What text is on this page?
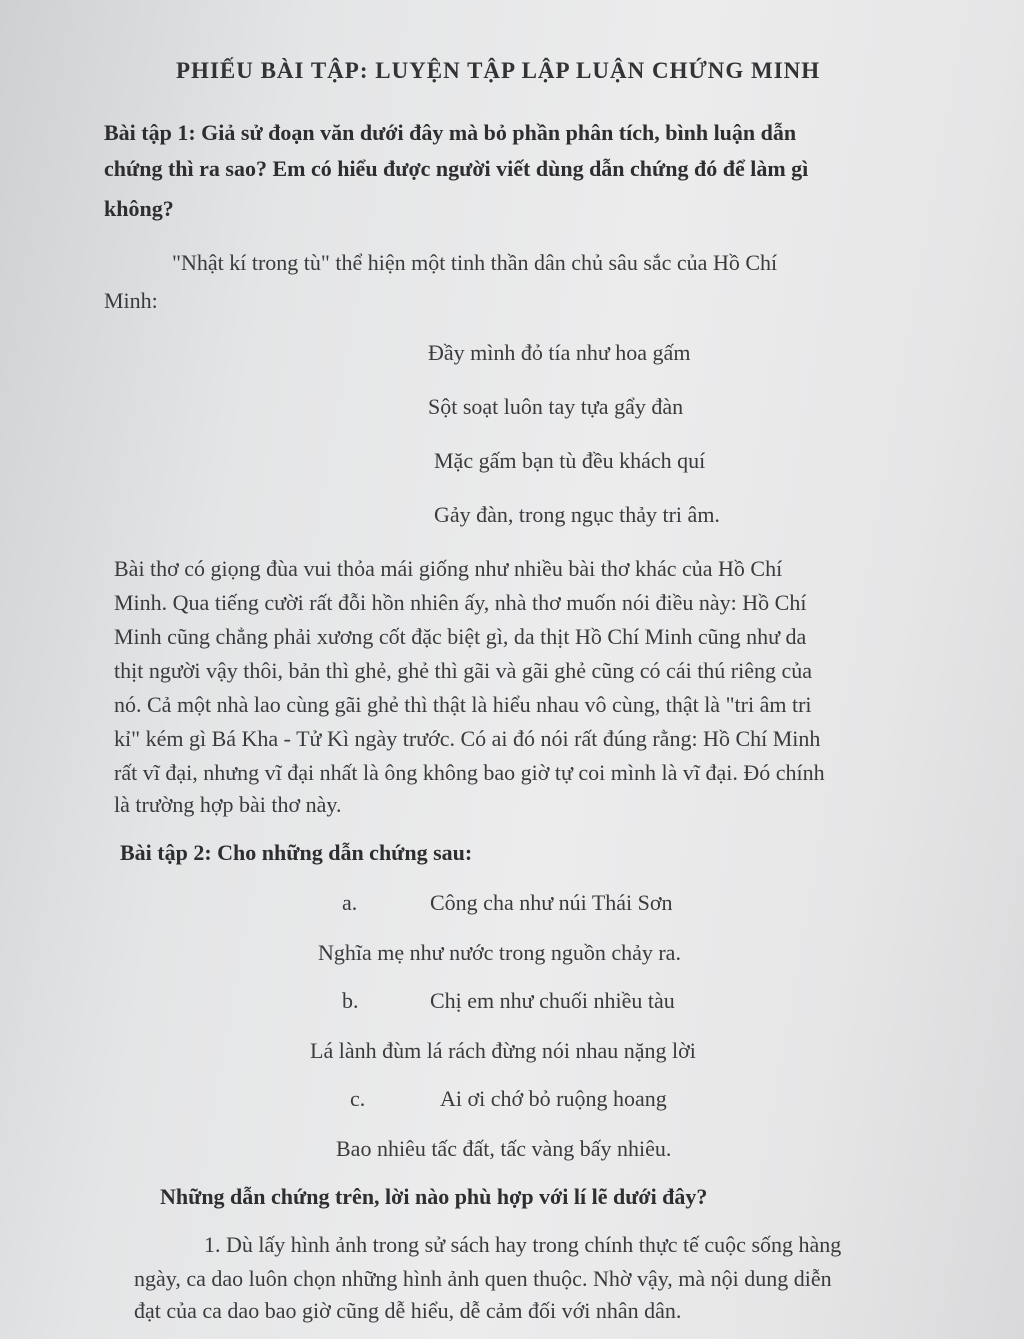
PHIẾU BÀI TẬP: LUYỆN TẬP LẬP LUẬN CHỨNG MINH
Bài tập 1: Giả sử đoạn văn dưới đây mà bỏ phần phân tích, bình luận dẫn
chứng thì ra sao? Em có hiểu được người viết dùng dẫn chứng đó để làm gì
không?
"Nhật kí trong tù" thể hiện một tinh thần dân chủ sâu sắc của Hồ Chí
Minh:
Đầy mình đỏ tía như hoa gấm
Sột soạt luôn tay tựa gẩy đàn
Mặc gấm bạn tù đều khách quí
Gảy đàn, trong ngục thảy tri âm.
Bài thơ có giọng đùa vui thỏa mái giống như nhiều bài thơ khác của Hồ Chí
Minh. Qua tiếng cười rất đỗi hồn nhiên ấy, nhà thơ muốn nói điều này: Hồ Chí
Minh cũng chẳng phải xương cốt đặc biệt gì, da thịt Hồ Chí Minh cũng như da
thịt người vậy thôi, bản thì ghẻ, ghẻ thì gãi và gãi ghẻ cũng có cái thú riêng của
nó. Cả một nhà lao cùng gãi ghẻ thì thật là hiểu nhau vô cùng, thật là "tri âm tri
kỉ" kém gì Bá Kha - Tử Kì ngày trước. Có ai đó nói rất đúng rằng: Hồ Chí Minh
rất vĩ đại, nhưng vĩ đại nhất là ông không bao giờ tự coi mình là vĩ đại. Đó chính
là trường hợp bài thơ này.
Bài tập 2: Cho những dẫn chứng sau:
a.	Công cha như núi Thái Sơn
Nghĩa mẹ như nước trong nguồn chảy ra.
b.	Chị em như chuối nhiều tàu
Lá lành đùm lá rách đừng nói nhau nặng lời
c.	Ai ơi chớ bỏ ruộng hoang
Bao nhiêu tấc đất, tấc vàng bấy nhiêu.
Những dẫn chứng trên, lời nào phù hợp với lí lẽ dưới đây?
1. Dù lấy hình ảnh trong sử sách hay trong chính thực tế cuộc sống hàng
ngày, ca dao luôn chọn những hình ảnh quen thuộc. Nhờ vậy, mà nội dung diễn
đạt của ca dao bao giờ cũng dễ hiểu, dễ cảm đối với nhân dân.
